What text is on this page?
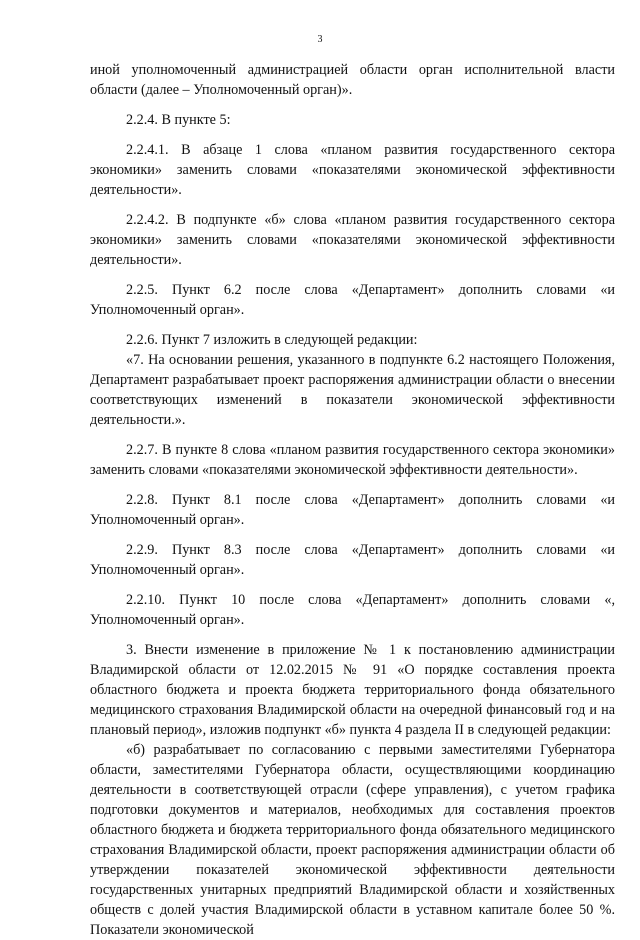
3

иной уполномоченный администрацией области орган исполнительной власти области (далее – Уполномоченный орган)».

2.2.4. В пункте 5:

2.2.4.1. В абзаце 1 слова «планом развития государственного сектора экономики» заменить словами «показателями экономической эффективности деятельности».

2.2.4.2. В подпункте «б» слова «планом развития государственного сектора экономики» заменить словами «показателями экономической эффективности деятельности».

2.2.5. Пункт 6.2 после слова «Департамент» дополнить словами «и Уполномоченный орган».

2.2.6. Пункт 7 изложить в следующей редакции:

«7. На основании решения, указанного в подпункте 6.2 настоящего Положения, Департамент разрабатывает проект распоряжения администрации области о внесении соответствующих изменений в показатели экономической эффективности деятельности.».

2.2.7. В пункте 8 слова «планом развития государственного сектора экономики» заменить словами «показателями экономической эффективности деятельности».

2.2.8. Пункт 8.1 после слова «Департамент» дополнить словами «и Уполномоченный орган».

2.2.9. Пункт 8.3 после слова «Департамент» дополнить словами «и Уполномоченный орган».

2.2.10. Пункт 10 после слова «Департамент» дополнить словами «, Уполномоченный орган».

3. Внести изменение в приложение № 1 к постановлению администрации Владимирской области от 12.02.2015 № 91 «О порядке составления проекта областного бюджета и проекта бюджета территориального фонда обязательного медицинского страхования Владимирской области на очередной финансовый год и на плановый период», изложив подпункт «б» пункта 4 раздела II в следующей редакции:

«б) разрабатывает по согласованию с первыми заместителями Губернатора области, заместителями Губернатора области, осуществляющими координацию деятельности в соответствующей отрасли (сфере управления), с учетом графика подготовки документов и материалов, необходимых для составления проектов областного бюджета и бюджета территориального фонда обязательного медицинского страхования Владимирской области, проект распоряжения администрации области об утверждении показателей экономической эффективности деятельности государственных унитарных предприятий Владимирской области и хозяйственных обществ с долей участия Владимирской области в уставном капитале более 50 %. Показатели экономической
